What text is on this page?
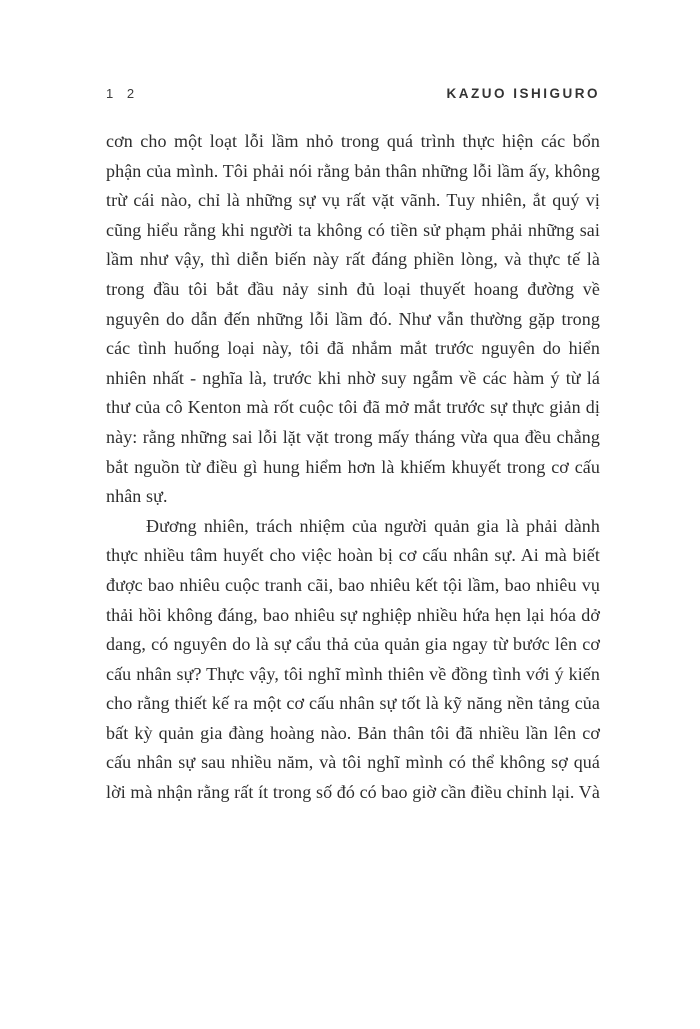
1 2	KAZUO ISHIGURO

cơn cho một loạt lỗi lầm nhỏ trong quá trình thực hiện các bổn phận của mình. Tôi phải nói rằng bản thân những lỗi lầm ấy, không trừ cái nào, chỉ là những sự vụ rất vặt vãnh. Tuy nhiên, ắt quý vị cũng hiểu rằng khi người ta không có tiền sử phạm phải những sai lầm như vậy, thì diễn biến này rất đáng phiền lòng, và thực tế là trong đầu tôi bắt đầu nảy sinh đủ loại thuyết hoang đường về nguyên do dẫn đến những lỗi lầm đó. Như vẫn thường gặp trong các tình huống loại này, tôi đã nhắm mắt trước nguyên do hiển nhiên nhất - nghĩa là, trước khi nhờ suy ngẫm về các hàm ý từ lá thư của cô Kenton mà rốt cuộc tôi đã mở mắt trước sự thực giản dị này: rằng những sai lỗi lặt vặt trong mấy tháng vừa qua đều chẳng bắt nguồn từ điều gì hung hiểm hơn là khiếm khuyết trong cơ cấu nhân sự.

Đương nhiên, trách nhiệm của người quản gia là phải dành thực nhiều tâm huyết cho việc hoàn bị cơ cấu nhân sự. Ai mà biết được bao nhiêu cuộc tranh cãi, bao nhiêu kết tội lầm, bao nhiêu vụ thải hồi không đáng, bao nhiêu sự nghiệp nhiều hứa hẹn lại hóa dở dang, có nguyên do là sự cẩu thả của quản gia ngay từ bước lên cơ cấu nhân sự? Thực vậy, tôi nghĩ mình thiên về đồng tình với ý kiến cho rằng thiết kế ra một cơ cấu nhân sự tốt là kỹ năng nền tảng của bất kỳ quản gia đàng hoàng nào. Bản thân tôi đã nhiều lần lên cơ cấu nhân sự sau nhiều năm, và tôi nghĩ mình có thể không sợ quá lời mà nhận rằng rất ít trong số đó có bao giờ cần điều chỉnh lại. Và
